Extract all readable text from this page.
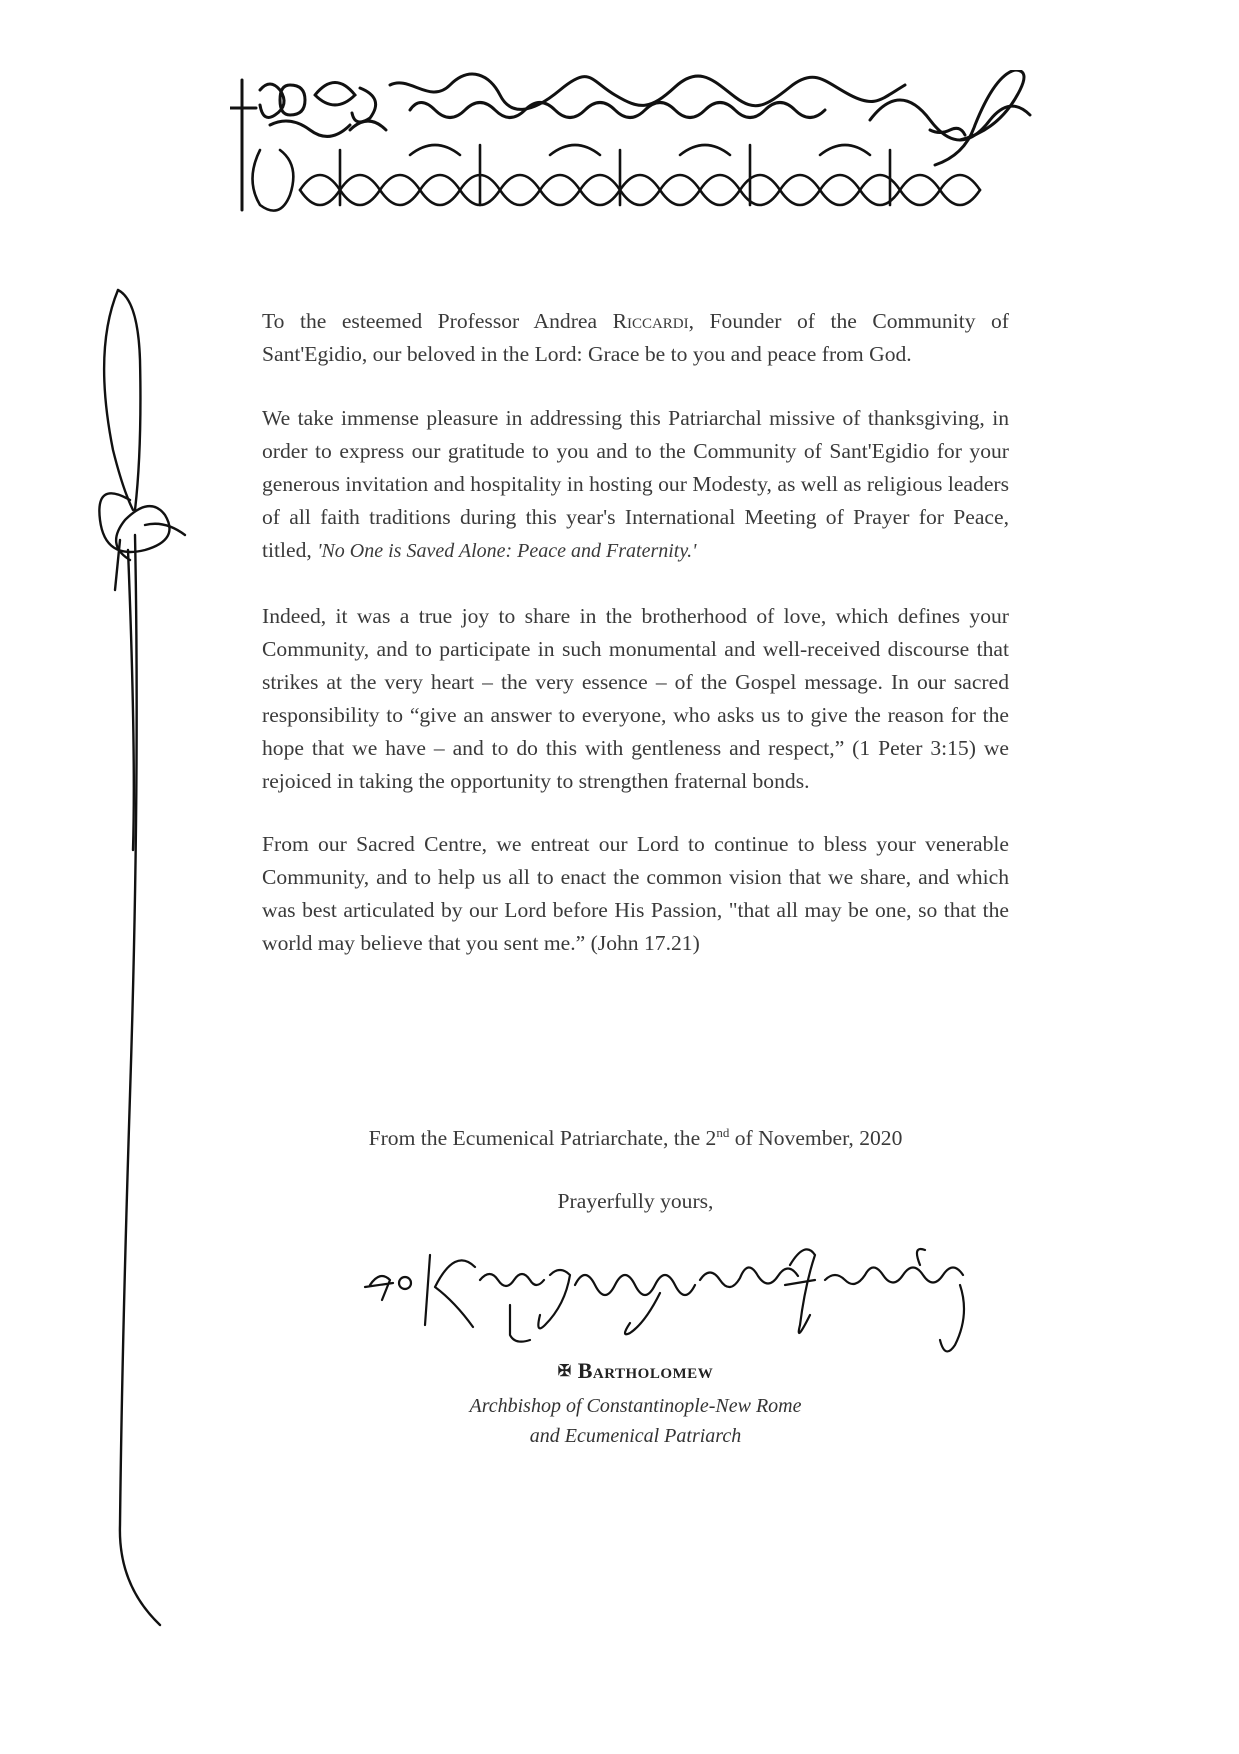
To the esteemed Professor Andrea Riccardi, Founder of the Community of Sant'Egidio, our beloved in the Lord: Grace be to you and peace from God.

We take immense pleasure in addressing this Patriarchal missive of thanksgiving, in order to express our gratitude to you and to the Community of Sant'Egidio for your generous invitation and hospitality in hosting our Modesty, as well as religious leaders of all faith traditions during this year's International Meeting of Prayer for Peace, titled, 'No One is Saved Alone: Peace and Fraternity.'

Indeed, it was a true joy to share in the brotherhood of love, which defines your Community, and to participate in such monumental and well-received discourse that strikes at the very heart – the very essence – of the Gospel message. In our sacred responsibility to “give an answer to everyone, who asks us to give the reason for the hope that we have – and to do this with gentleness and respect,” (1 Peter 3:15) we rejoiced in taking the opportunity to strengthen fraternal bonds.

From our Sacred Centre, we entreat our Lord to continue to bless your venerable Community, and to help us all to enact the common vision that we share, and which was best articulated by our Lord before His Passion, "that all may be one, so that the world may believe that you sent me.” (John 17.21)

From the Ecumenical Patriarchate, the 2nd of November, 2020
Prayerfully yours,
✠ Bartholomew
Archbishop of Constantinople-New Rome
and Ecumenical Patriarch
